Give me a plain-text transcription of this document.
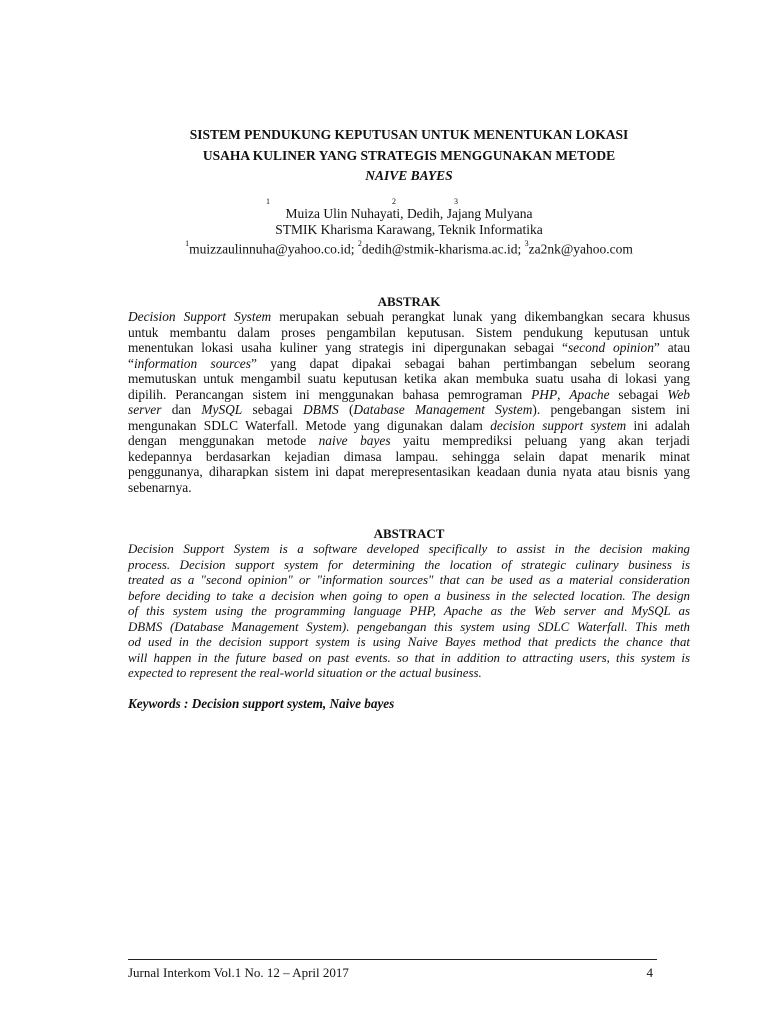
SISTEM PENDUKUNG KEPUTUSAN UNTUK MENENTUKAN LOKASI
USAHA KULINER YANG STRATEGIS MENGGUNAKAN METODE
NAIVE BAYES
1	2	3
Muiza Ulin Nuhayati, Dedih, Jajang Mulyana
STMIK Kharisma Karawang, Teknik Informatika
$^1$muizzaulinnuha@yahoo.co.id; $^2$dedih@stmik-kharisma.ac.id; $^3$za2nk@yahoo.com
ABSTRAK
Decision Support System merupakan sebuah perangkat lunak yang dikembangkan secara khusus
untuk membantu dalam proses pengambilan keputusan. Sistem pendukung keputusan untuk
menentukan lokasi usaha kuliner yang strategis ini dipergunakan sebagai “second opinion” atau
“information sources” yang dapat dipakai sebagai bahan pertimbangan sebelum seorang
memutuskan untuk mengambil suatu keputusan ketika akan membuka suatu usaha di lokasi yang
dipilih. Perancangan sistem ini menggunakan bahasa pemrograman PHP, Apache sebagai Web
server dan MySQL sebagai DBMS (Database Management System). pengebangan sistem ini
mengunakan SDLC Waterfall. Metode yang digunakan dalam decision support system ini adalah
dengan menggunakan metode naive bayes yaitu memprediksi peluang yang akan terjadi
kedepannya berdasarkan kejadian dimasa lampau. sehingga selain dapat menarik minat
penggunanya, diharapkan sistem ini dapat merepresentasikan keadaan dunia nyata atau bisnis yang
sebenarnya.
ABSTRACT
Decision Support System is a software developed specifically to assist in the decision making
process. Decision support system for determining the location of strategic culinary business is
treated as a "second opinion" or "information sources" that can be used as a material consideration
before deciding to take a decision when going to open a business in the selected location. The design
of this system using the programming language PHP, Apache as the Web server and MySQL as
DBMS (Database Management System). pengebangan this system using SDLC Waterfall. This meth
od used in the decision support system is using Naive Bayes method that predicts the chance that
will happen in the future based on past events. so that in addition to attracting users, this system is
expected to represent the real-world situation or the actual business.
Keywords : Decision support system, Naive bayes
Jurnal Interkom Vol.1 No. 12 – April 2017	4
